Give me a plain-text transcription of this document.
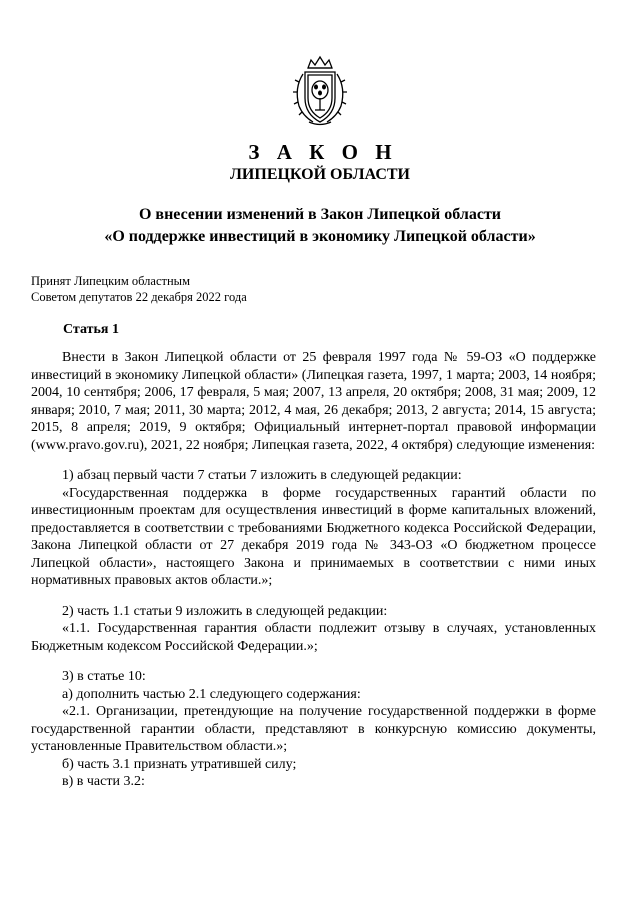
З А К О Н
ЛИПЕЦКОЙ ОБЛАСТИ
О внесении изменений в Закон Липецкой области
«О поддержке инвестиций в экономику Липецкой области»
Принят Липецким областным
Советом депутатов 22 декабря 2022 года
Статья 1

Внести в Закон Липецкой области от 25 февраля 1997 года № 59-ОЗ «О поддержке инвестиций в экономику Липецкой области» (Липецкая газета, 1997, 1 марта; 2003, 14 ноября; 2004, 10 сентября; 2006, 17 февраля, 5 мая; 2007, 13 апреля, 20 октября; 2008, 31 мая; 2009, 12 января; 2010, 7 мая; 2011, 30 марта; 2012, 4 мая, 26 декабря; 2013, 2 августа; 2014, 15 августа; 2015, 8 апреля; 2019, 9 октября; Официальный интернет-портал правовой информации (www.pravo.gov.ru), 2021, 22 ноября; Липецкая газета, 2022, 4 октября) следующие изменения:

1) абзац первый части 7 статьи 7 изложить в следующей редакции:

«Государственная поддержка в форме государственных гарантий области по инвестиционным проектам для осуществления инвестиций в форме капитальных вложений, предоставляется в соответствии с требованиями Бюджетного кодекса Российской Федерации, Закона Липецкой области от 27 декабря 2019 года № 343-ОЗ «О бюджетном процессе Липецкой области», настоящего Закона и принимаемых в соответствии с ними иных нормативных правовых актов области.»;

2) часть 1.1 статьи 9 изложить в следующей редакции:

«1.1. Государственная гарантия области подлежит отзыву в случаях, установленных Бюджетным кодексом Российской Федерации.»;

3) в статье 10:

а) дополнить частью 2.1 следующего содержания:

«2.1. Организации, претендующие на получение государственной поддержки в форме государственной гарантии области, представляют в конкурсную комиссию документы, установленные Правительством области.»;

б) часть 3.1 признать утратившей силу;

в) в части 3.2:
